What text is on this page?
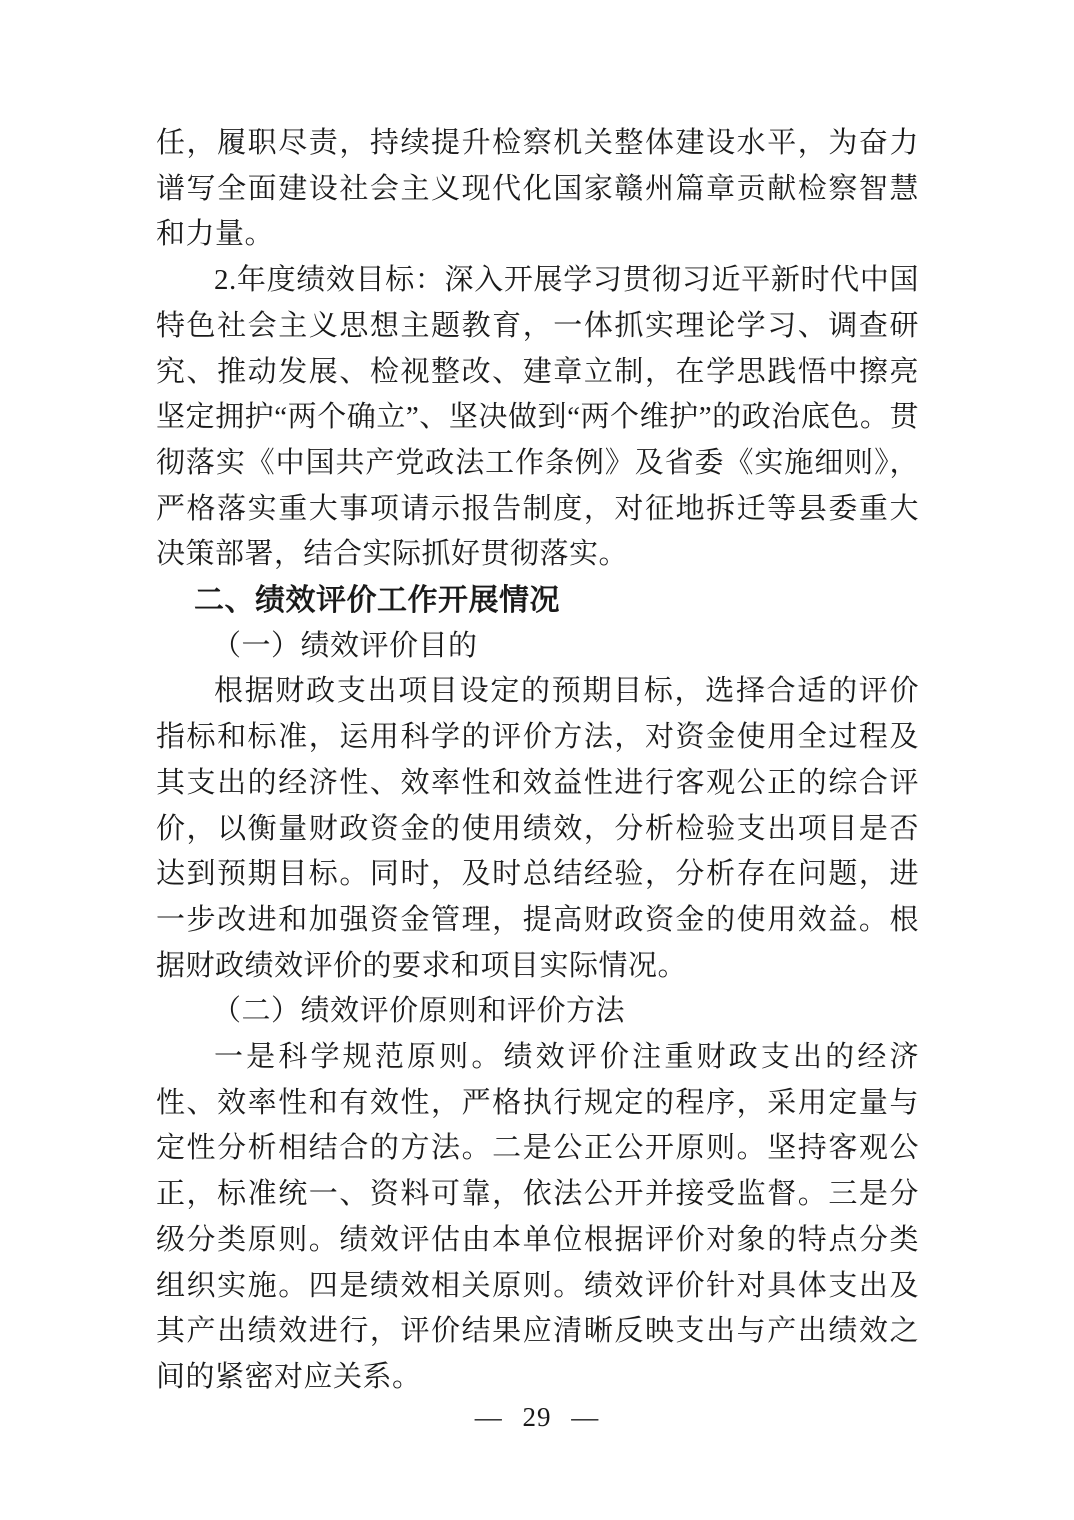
任，履职尽责，持续提升检察机关整体建设水平，为奋力谱写全面建设社会主义现代化国家赣州篇章贡献检察智慧和力量。

2.年度绩效目标：深入开展学习贯彻习近平新时代中国特色社会主义思想主题教育，一体抓实理论学习、调查研究、推动发展、检视整改、建章立制，在学思践悟中擦亮坚定拥护“两个确立”、坚决做到“两个维护”的政治底色。贯彻落实《中国共产党政法工作条例》及省委《实施细则》，严格落实重大事项请示报告制度，对征地拆迁等县委重大决策部署，结合实际抓好贯彻落实。

二、绩效评价工作开展情况

（一）绩效评价目的

根据财政支出项目设定的预期目标，选择合适的评价指标和标准，运用科学的评价方法，对资金使用全过程及其支出的经济性、效率性和效益性进行客观公正的综合评价，以衡量财政资金的使用绩效，分析检验支出项目是否达到预期目标。同时，及时总结经验，分析存在问题，进一步改进和加强资金管理，提高财政资金的使用效益。根据财政绩效评价的要求和项目实际情况。

（二）绩效评价原则和评价方法

一是科学规范原则。绩效评价注重财政支出的经济性、效率性和有效性，严格执行规定的程序，采用定量与定性分析相结合的方法。二是公正公开原则。坚持客观公正，标准统一、资料可靠，依法公开并接受监督。三是分级分类原则。绩效评估由本单位根据评价对象的特点分类组织实施。四是绩效相关原则。绩效评价针对具体支出及其产出绩效进行，评价结果应清晰反映支出与产出绩效之间的紧密对应关系。

— 29 —
